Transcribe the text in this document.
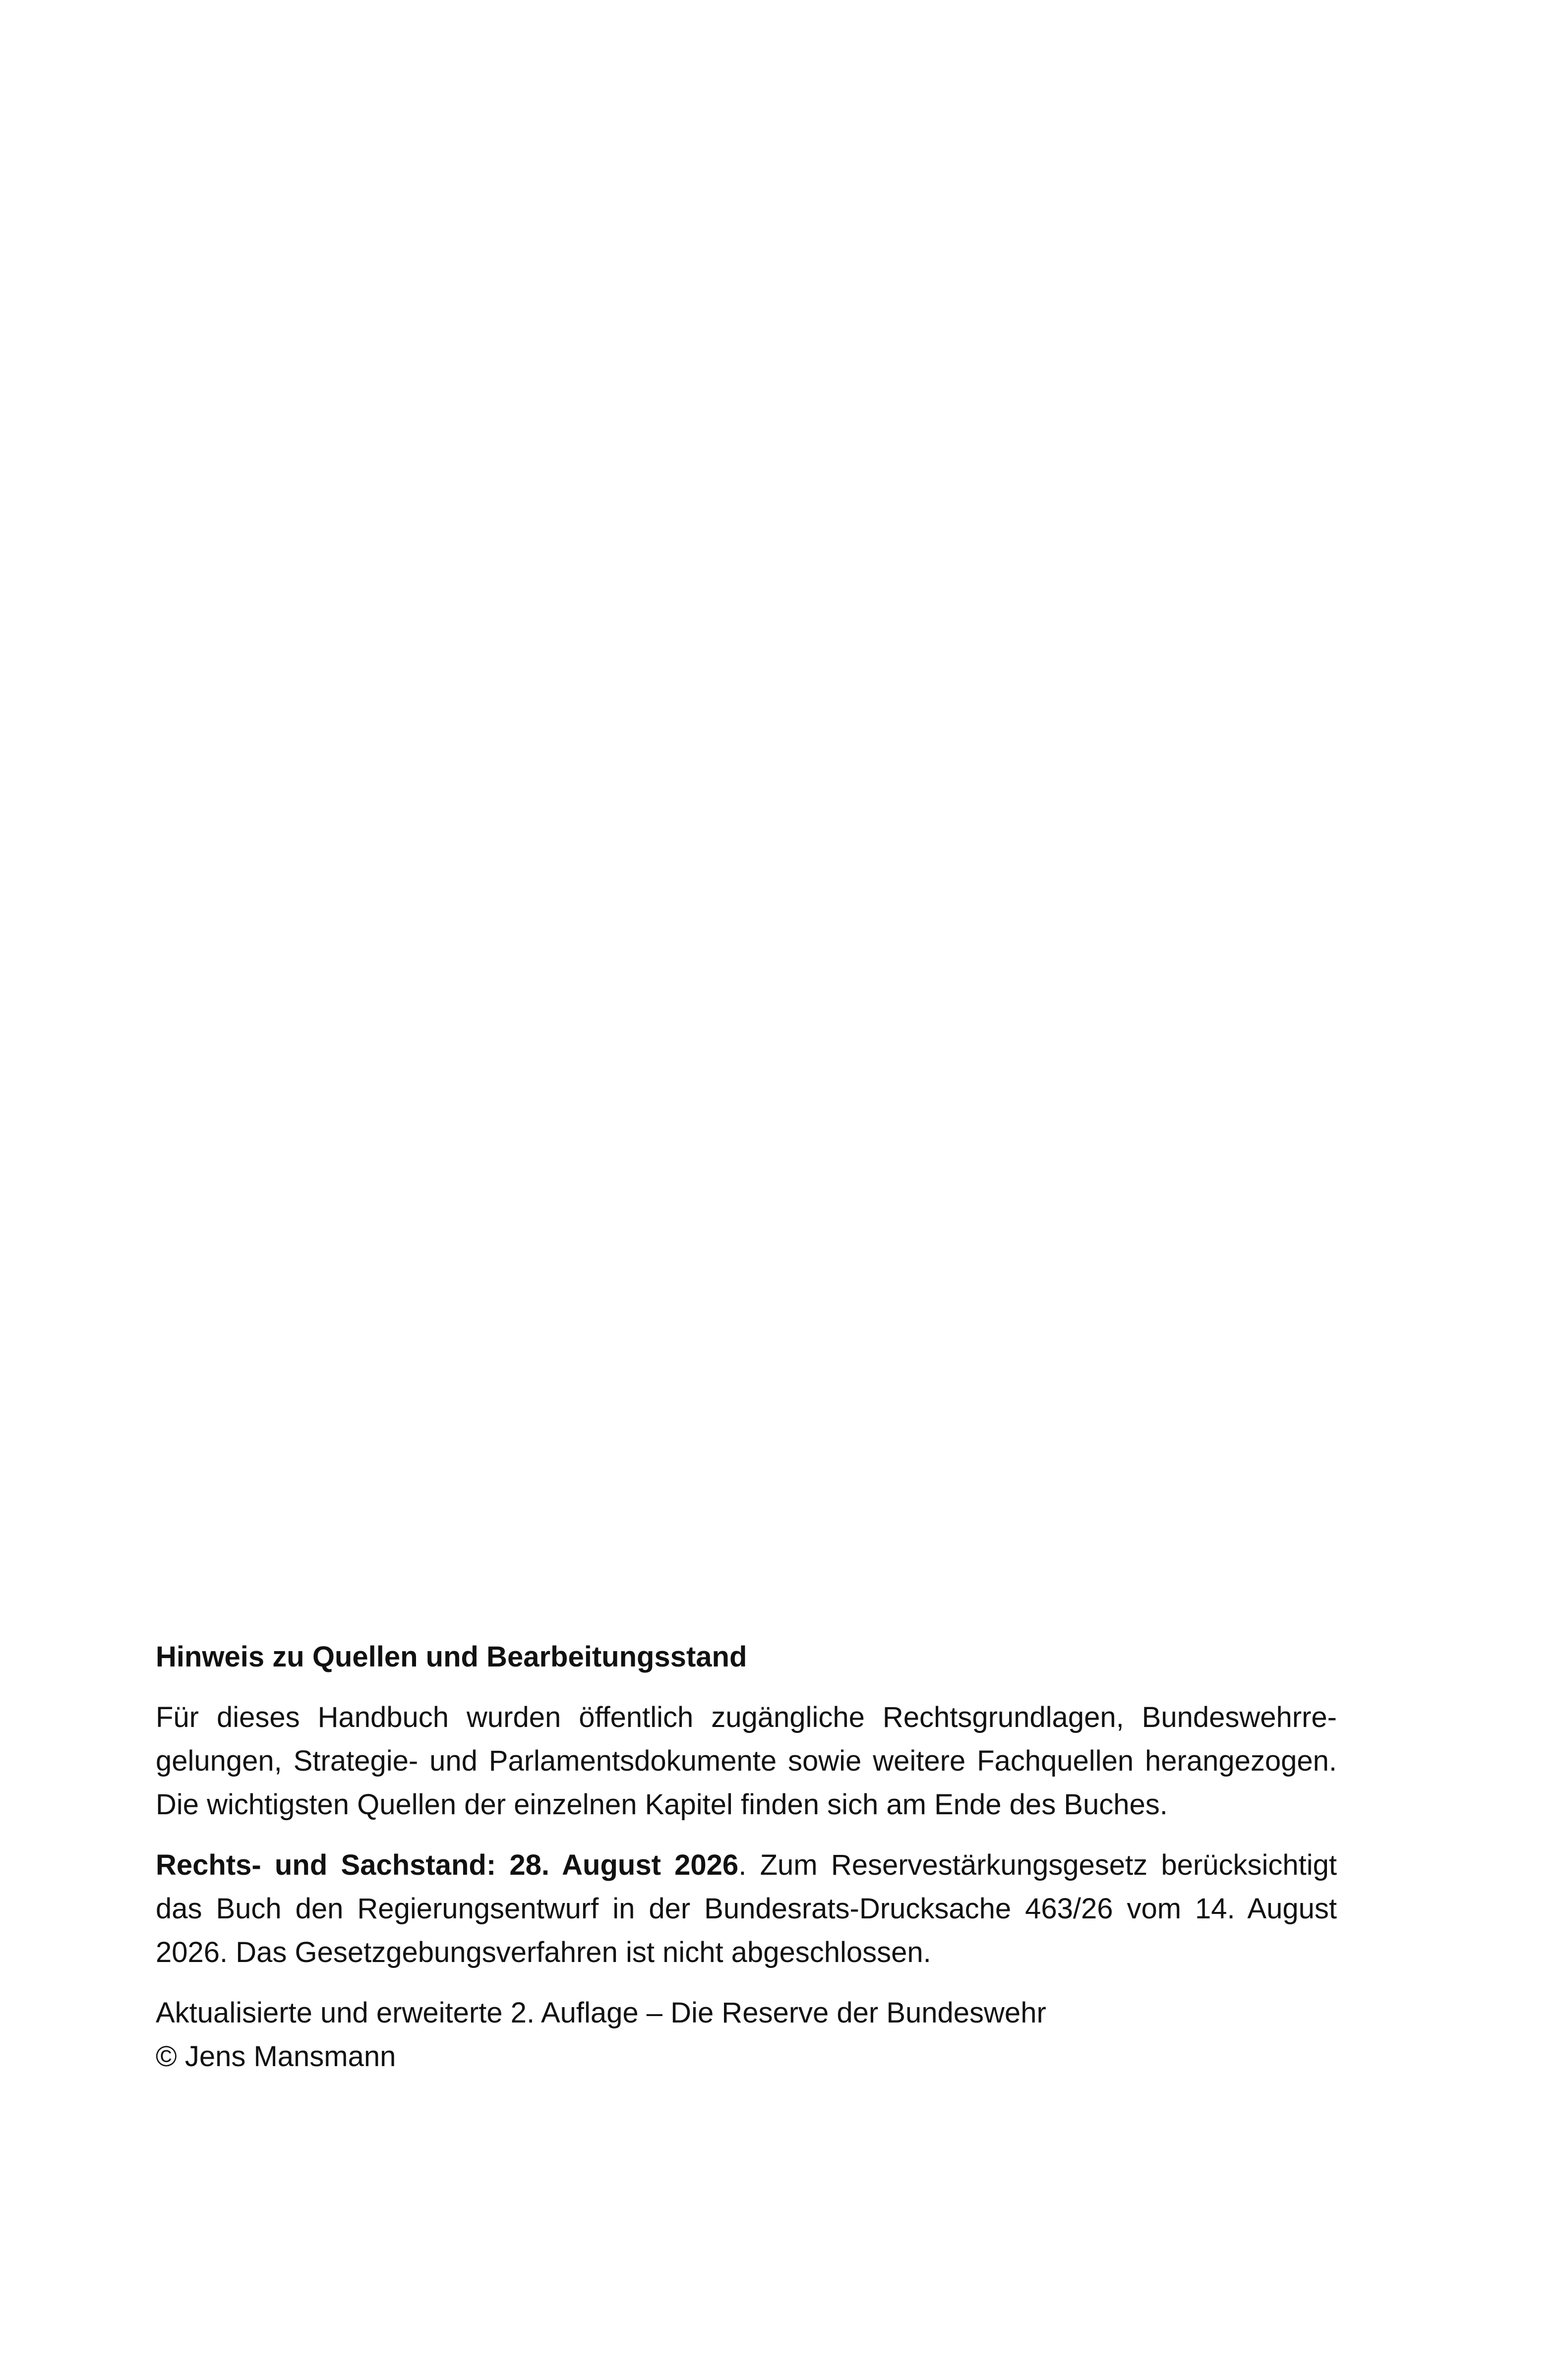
Hinweis zu Quellen und Bearbeitungsstand

Für dieses Handbuch wurden öffentlich zugängliche Rechtsgrundlagen, Bundeswehrregelungen, Strategie- und Parlamentsdokumente sowie weitere Fachquellen herangezogen. Die wichtigsten Quellen der einzelnen Kapitel finden sich am Ende des Buches.

Rechts- und Sachstand: 28. August 2026. Zum Reservestärkungsgesetz berücksichtigt das Buch den Regierungsentwurf in der Bundesrats-Drucksache 463/26 vom 14. August 2026. Das Gesetzgebungsverfahren ist nicht abgeschlossen.

Aktualisierte und erweiterte 2. Auflage – Die Reserve der Bundeswehr
© Jens Mansmann
